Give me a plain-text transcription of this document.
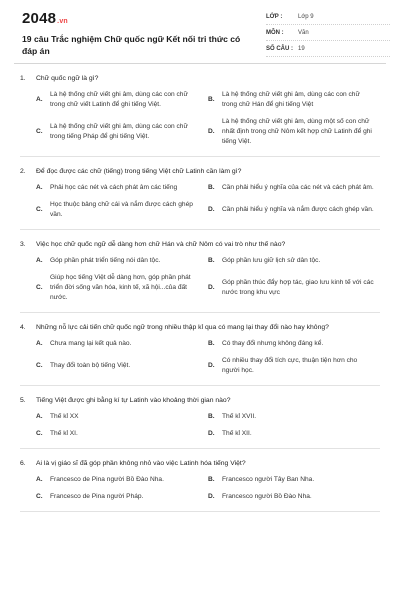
2048.vn
19 câu Trắc nghiệm Chữ quốc ngữ Kết nối tri thức có đáp án
LỚP :	Lớp 9
MÔN :	Văn
SỐ CÂU : 19
1.	Chữ quốc ngữ là gì?
A.
Là hệ thống chữ viết ghi âm, dùng các con chữ trong chữ viết Latinh để ghi tiếng Việt.
B.
Là hệ thống chữ viết ghi âm, dùng các con chữ trong chữ Hán để ghi tiếng Việt
C.
Là hệ thống chữ viết ghi âm, dùng các con chữ trong tiếng Pháp để ghi tiếng Việt.
D.
Là hệ thống chữ viết ghi âm, dùng một số con chữ nhất định trong chữ Nôm kết hợp chữ Latinh để ghi tiếng Việt.
2.	Để đọc được các chữ (tiếng) trong tiếng Việt chữ Latinh cần làm gì?
A.	Phải học các nét và cách phát âm các tiếng	B.	Cần phải hiểu ý nghĩa của các nét và cách phát âm.
C.
Học thuộc bảng chữ cái và nắm được cách ghép vần.
D.	Cần phải hiểu ý nghĩa và nắm được cách ghép vần.
3.	Việc học chữ quốc ngữ dễ dàng hơn chữ Hán và chữ Nôm có vai trò như thế nào?
A.	Góp phần phát triển tiếng nói dân tộc.	B.	Góp phần lưu giữ lịch sử dân tộc.
C.
Giúp học tiếng Việt dễ dàng hơn, góp phần phát triển đời sống văn hóa, kinh tế, xã hội...của đất nước.
D.
Góp phần thúc đẩy hợp tác, giao lưu kinh tế với các nước trong khu vực
4.	Những nỗ lực cải tiến chữ quốc ngữ trong nhiều thập kỉ qua có mang lại thay đổi nào hay không?
A.	Chưa mang lại kết quả nào.	B.	Có thay đổi nhưng không đáng kể.
C.	Thay đổi toàn bộ tiếng Việt.	D.
Có nhiều thay đổi tích cực, thuận tiện hơn cho người học.
5.	Tiếng Việt được ghi bằng kí tự Latinh vào khoảng thời gian nào?
A.	Thế kỉ XX	B.	Thế kỉ XVII.
C.	Thế kỉ XI.	D.	Thế kỉ XII.
6.	Ai là vị giáo sĩ đã góp phần không nhỏ vào việc Latinh hóa tiếng Việt?
A.	Francesco de Pina người Bồ Đào Nha.	B.	Francesco người Tây Ban Nha.
C.	Francesco de Pina người Pháp.	D.	Francesco người Bồ Đào Nha.
